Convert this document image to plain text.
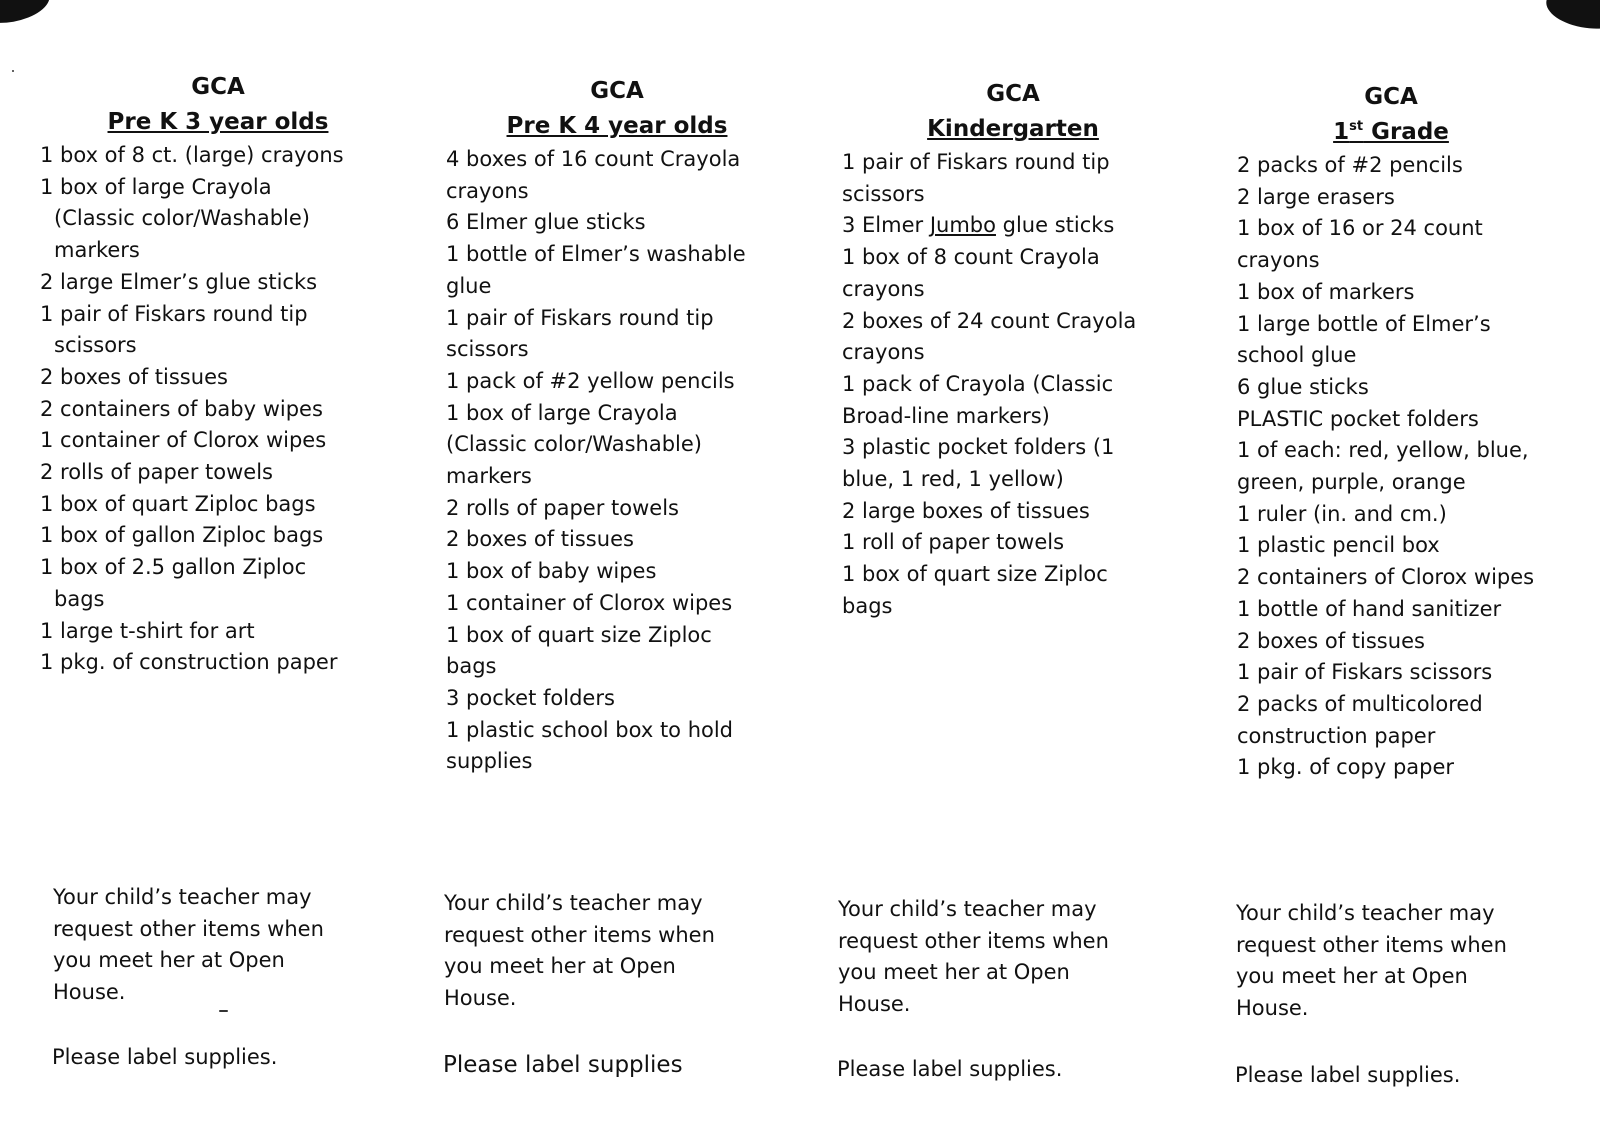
GCA
Pre K 3 year olds
1 box of 8 ct. (large) crayons
1 box of large Crayola (Classic color/Washable) markers
2 large Elmer’s glue sticks
1 pair of Fiskars round tip scissors
2 boxes of tissues
2 containers of baby wipes
1 container of Clorox wipes
2 rolls of paper towels
1 box of quart Ziploc bags
1 box of gallon Ziploc bags
1 box of 2.5 gallon Ziploc bags
1 large t-shirt for art
1 pkg. of construction paper
GCA
Pre K 4 year olds
4 boxes of 16 count Crayola crayons
6 Elmer glue sticks
1 bottle of Elmer’s washable glue
1 pair of Fiskars round tip scissors
1 pack of #2 yellow pencils
1 box of large Crayola (Classic color/Washable) markers
2 rolls of paper towels
2 boxes of tissues
1 box of baby wipes
1 container of Clorox wipes
1 box of quart size Ziploc bags
3 pocket folders
1 plastic school box to hold supplies
GCA
Kindergarten
1 pair of Fiskars round tip scissors
3 Elmer Jumbo glue sticks
1 box of 8 count Crayola crayons
2 boxes of 24 count Crayola crayons
1 pack of Crayola (Classic Broad-line markers)
3 plastic pocket folders (1 blue, 1 red, 1 yellow)
2 large boxes of tissues
1 roll of paper towels
1 box of quart size Ziploc bags
GCA
1st Grade
2 packs of #2 pencils
2 large erasers
1 box of 16 or 24 count crayons
1 box of markers
1 large bottle of Elmer’s school glue
6 glue sticks
PLASTIC pocket folders
1 of each: red, yellow, blue, green, purple, orange
1 ruler (in. and cm.)
1 plastic pencil box
2 containers of Clorox wipes
1 bottle of hand sanitizer
2 boxes of tissues
1 pair of Fiskars scissors
2 packs of multicolored construction paper
1 pkg. of copy paper
Your child’s teacher may request other items when you meet her at Open House.
Please label supplies.
Your child’s teacher may request other items when you meet her at Open House.
Please label supplies
Your child’s teacher may request other items when you meet her at Open House.
Please label supplies.
Your child’s teacher may request other items when you meet her at Open House.
Please label supplies.
